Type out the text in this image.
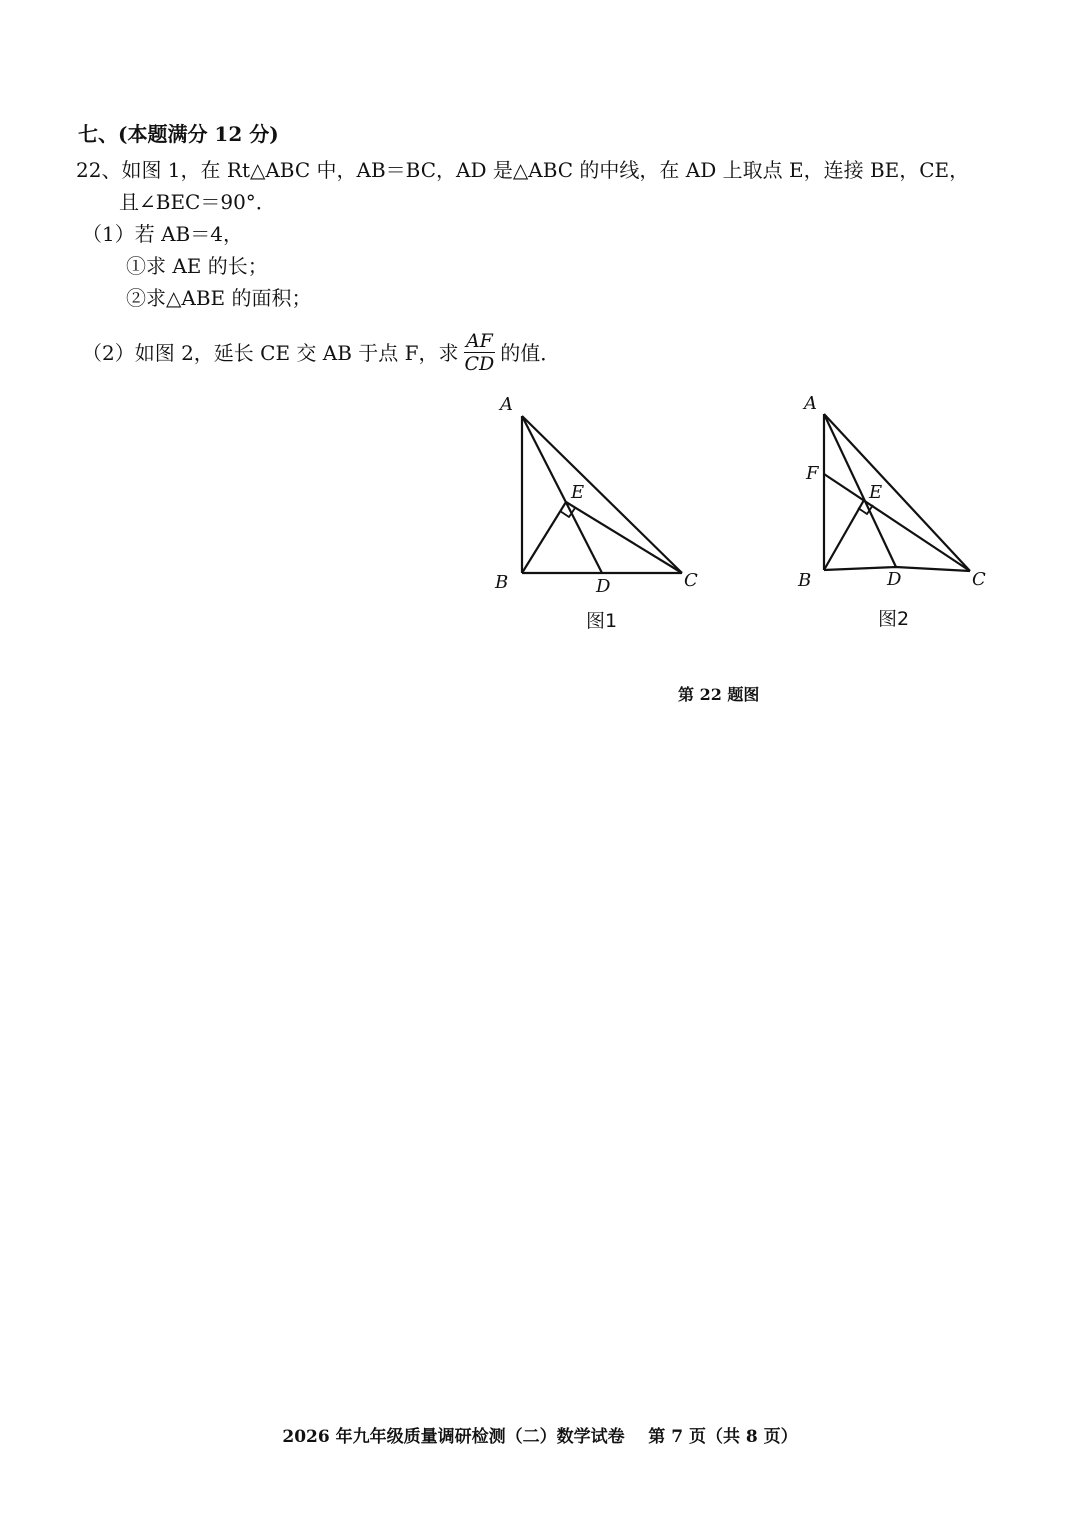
七、(本题满分 12 分)
22、如图 1，在 Rt△ABC 中，AB＝BC，AD 是△ABC 的中线，在 AD 上取点 E，连接 BE，CE，
且∠BEC＝90°．
（1）若 AB＝4，
①求 AE 的长；
②求△ABE 的面积；
（2）如图 2，延长 CE 交 AB 于点 F，求 $\frac{AF}{CD}$ 的值．
A
B	C
D
E
图1
A
B	C
D
E
F
图2
第 22 题图
2026 年九年级质量调研检测（二）数学试卷    第 7 页（共 8 页）
